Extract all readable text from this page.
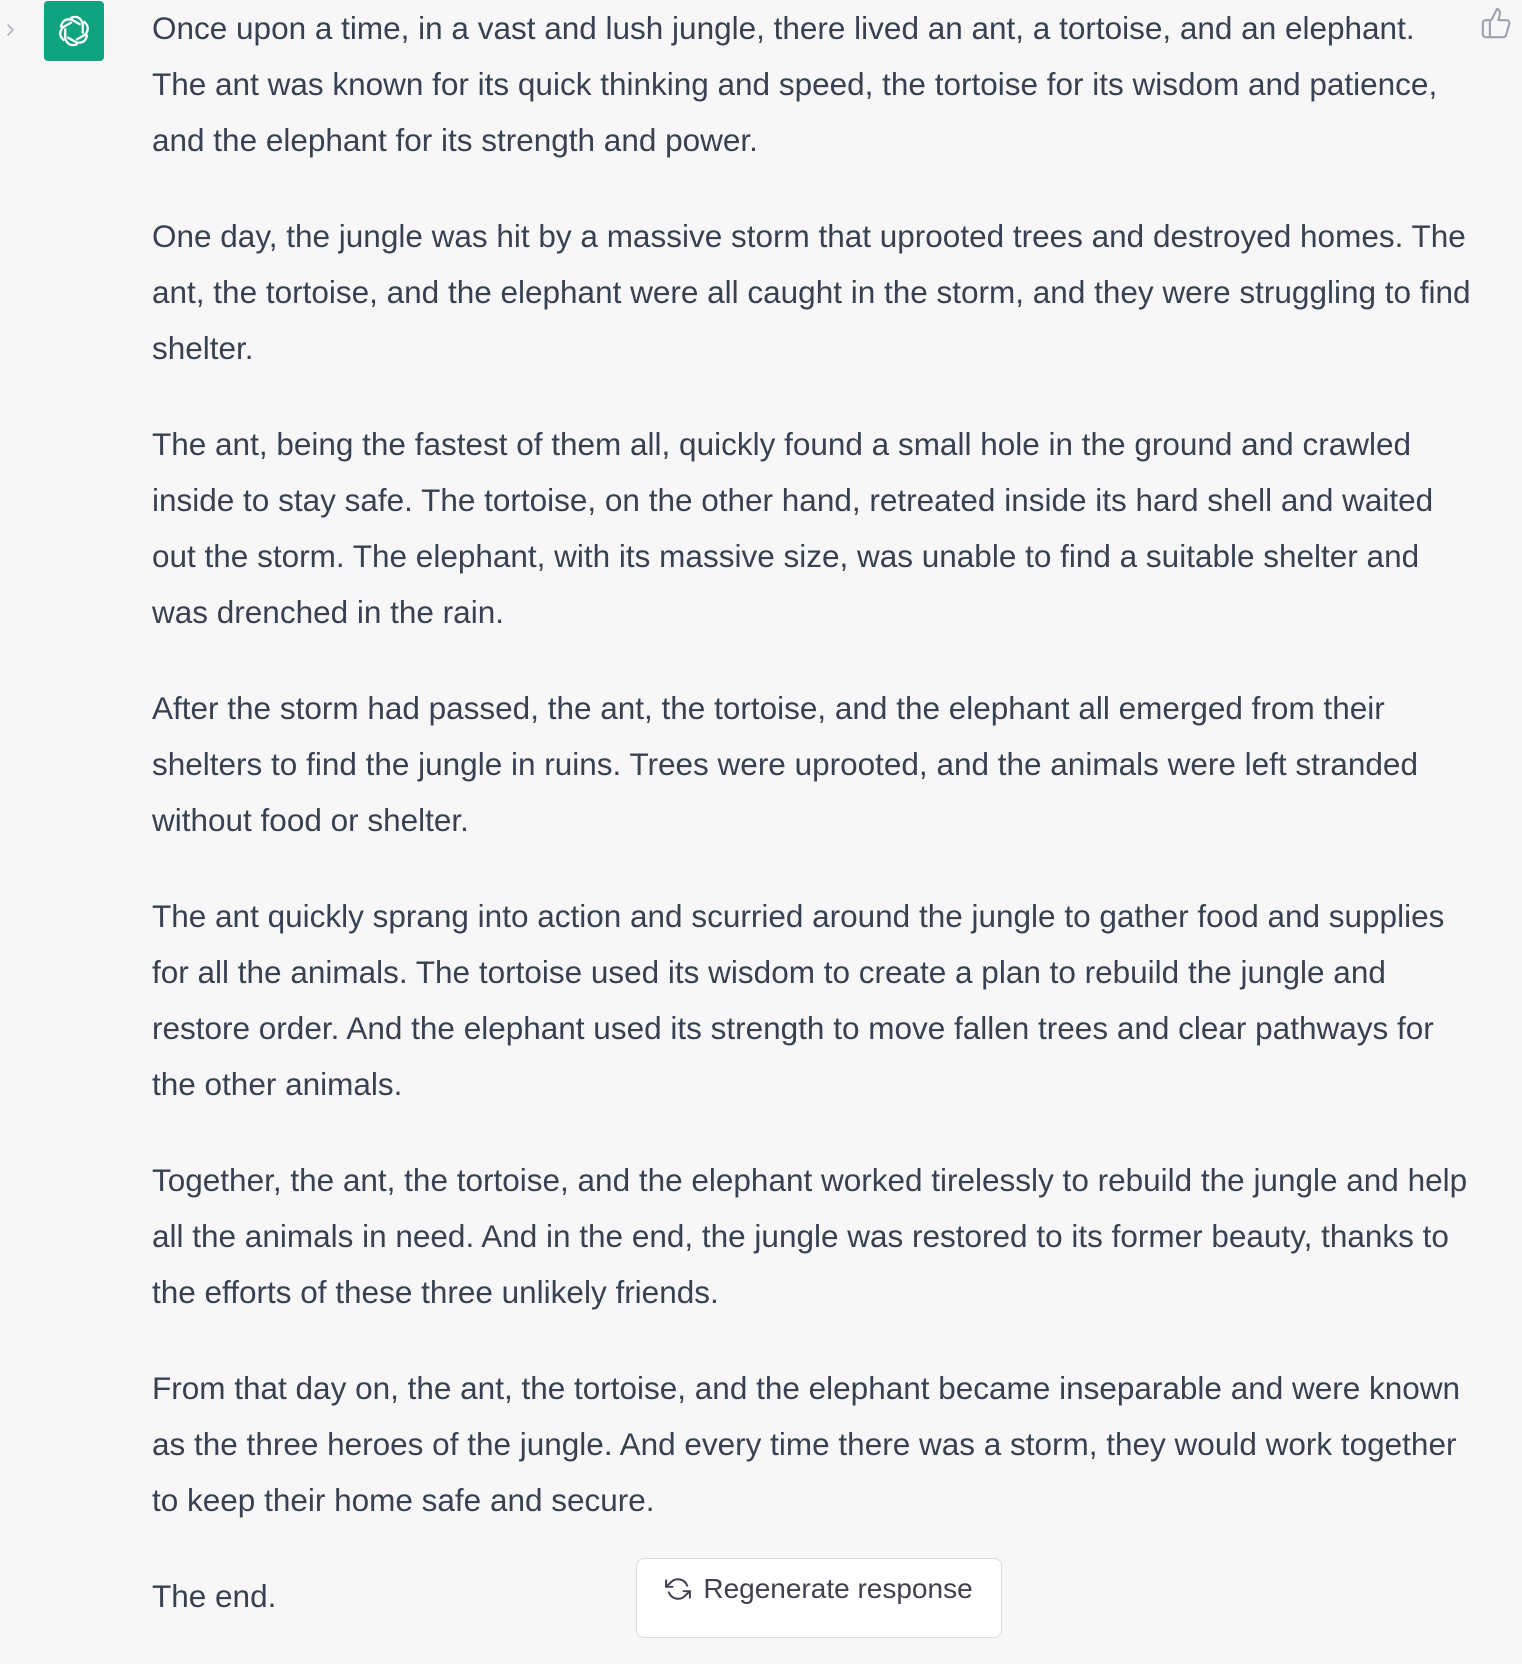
Once upon a time, in a vast and lush jungle, there lived an ant, a tortoise, and an elephant. The ant was known for its quick thinking and speed, the tortoise for its wisdom and patience, and the elephant for its strength and power.

One day, the jungle was hit by a massive storm that uprooted trees and destroyed homes. The ant, the tortoise, and the elephant were all caught in the storm, and they were struggling to find shelter.

The ant, being the fastest of them all, quickly found a small hole in the ground and crawled inside to stay safe. The tortoise, on the other hand, retreated inside its hard shell and waited out the storm. The elephant, with its massive size, was unable to find a suitable shelter and was drenched in the rain.

After the storm had passed, the ant, the tortoise, and the elephant all emerged from their shelters to find the jungle in ruins. Trees were uprooted, and the animals were left stranded without food or shelter.

The ant quickly sprang into action and scurried around the jungle to gather food and supplies for all the animals. The tortoise used its wisdom to create a plan to rebuild the jungle and restore order. And the elephant used its strength to move fallen trees and clear pathways for the other animals.

Together, the ant, the tortoise, and the elephant worked tirelessly to rebuild the jungle and help all the animals in need. And in the end, the jungle was restored to its former beauty, thanks to the efforts of these three unlikely friends.

From that day on, the ant, the tortoise, and the elephant became inseparable and were known as the three heroes of the jungle. And every time there was a storm, they would work together to keep their home safe and secure.

The end.	Regenerate response
